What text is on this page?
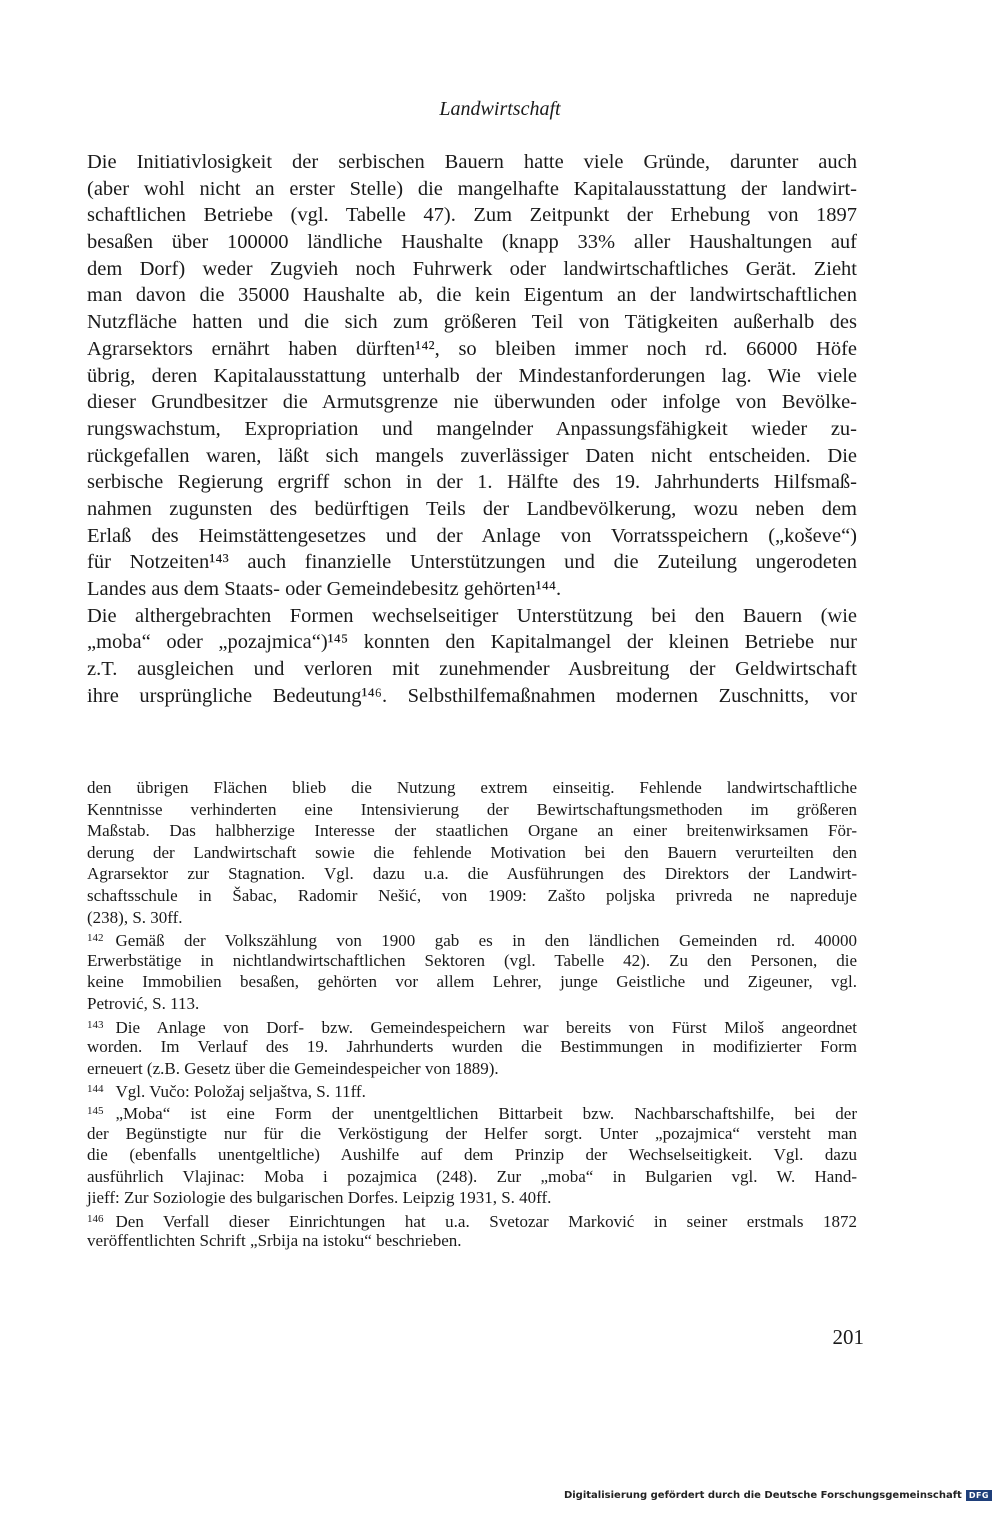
Landwirtschaft
Die Initiativlosigkeit der serbischen Bauern hatte viele Gründe, darunter auch
(aber wohl nicht an erster Stelle) die mangelhafte Kapitalausstattung der landwirt-
schaftlichen Betriebe (vgl. Tabelle 47). Zum Zeitpunkt der Erhebung von 1897
besaßen über 100000 ländliche Haushalte (knapp 33% aller Haushaltungen auf
dem Dorf) weder Zugvieh noch Fuhrwerk oder landwirtschaftliches Gerät. Zieht
man davon die 35000 Haushalte ab, die kein Eigentum an der landwirtschaftlichen
Nutzfläche hatten und die sich zum größeren Teil von Tätigkeiten außerhalb des
Agrarsektors ernährt haben dürften¹⁴², so bleiben immer noch rd. 66000 Höfe
übrig, deren Kapitalausstattung unterhalb der Mindestanforderungen lag. Wie viele
dieser Grundbesitzer die Armutsgrenze nie überwunden oder infolge von Bevölke-
rungswachstum, Expropriation und mangelnder Anpassungsfähigkeit wieder zu-
rückgefallen waren, läßt sich mangels zuverlässiger Daten nicht entscheiden. Die
serbische Regierung ergriff schon in der 1. Hälfte des 19. Jahrhunderts Hilfsmaß-
nahmen zugunsten des bedürftigen Teils der Landbevölkerung, wozu neben dem
Erlaß des Heimstättengesetzes und der Anlage von Vorratsspeichern („koševe“)
für Notzeiten¹⁴³ auch finanzielle Unterstützungen und die Zuteilung ungerodeten
Landes aus dem Staats- oder Gemeindebesitz gehörten¹⁴⁴.
Die althergebrachten Formen wechselseitiger Unterstützung bei den Bauern (wie
„moba“ oder „pozajmica“)¹⁴⁵ konnten den Kapitalmangel der kleinen Betriebe nur
z.T. ausgleichen und verloren mit zunehmender Ausbreitung der Geldwirtschaft
ihre ursprüngliche Bedeutung¹⁴⁶. Selbsthilfemaßnahmen modernen Zuschnitts, vor
den übrigen Flächen blieb die Nutzung extrem einseitig. Fehlende landwirtschaftliche
Kenntnisse verhinderten eine Intensivierung der Bewirtschaftungsmethoden im größeren
Maßstab. Das halbherzige Interesse der staatlichen Organe an einer breitenwirksamen För-
derung der Landwirtschaft sowie die fehlende Motivation bei den Bauern verurteilten den
Agrarsektor zur Stagnation. Vgl. dazu u.a. die Ausführungen des Direktors der Landwirt-
schaftsschule in Šabac, Radomir Nešić, von 1909: Zašto poljska privreda ne napreduje
(238), S. 30ff.
$^{142}$ Gemäß der Volkszählung von 1900 gab es in den ländlichen Gemeinden rd. 40000
Erwerbstätige in nichtlandwirtschaftlichen Sektoren (vgl. Tabelle 42). Zu den Personen, die
keine Immobilien besaßen, gehörten vor allem Lehrer, junge Geistliche und Zigeuner, vgl.
Petrović, S. 113.
$^{143}$ Die Anlage von Dorf- bzw. Gemeindespeichern war bereits von Fürst Miloš angeordnet
worden. Im Verlauf des 19. Jahrhunderts wurden die Bestimmungen in modifizierter Form
erneuert (z.B. Gesetz über die Gemeindespeicher von 1889).
$^{144}$ Vgl. Vučo: Položaj seljaštva, S. 11ff.
$^{145}$ „Moba“ ist eine Form der unentgeltlichen Bittarbeit bzw. Nachbarschaftshilfe, bei der
der Begünstigte nur für die Verköstigung der Helfer sorgt. Unter „pozajmica“ versteht man
die (ebenfalls unentgeltliche) Aushilfe auf dem Prinzip der Wechselseitigkeit. Vgl. dazu
ausführlich Vlajinac: Moba i pozajmica (248). Zur „moba“ in Bulgarien vgl. W. Hand-
jieff: Zur Soziologie des bulgarischen Dorfes. Leipzig 1931, S. 40ff.
$^{146}$ Den Verfall dieser Einrichtungen hat u.a. Svetozar Marković in seiner erstmals 1872
veröffentlichten Schrift „Srbija na istoku“ beschrieben.
201
Digitalisierung gefördert durch die Deutsche Forschungsgemeinschaft DFG
